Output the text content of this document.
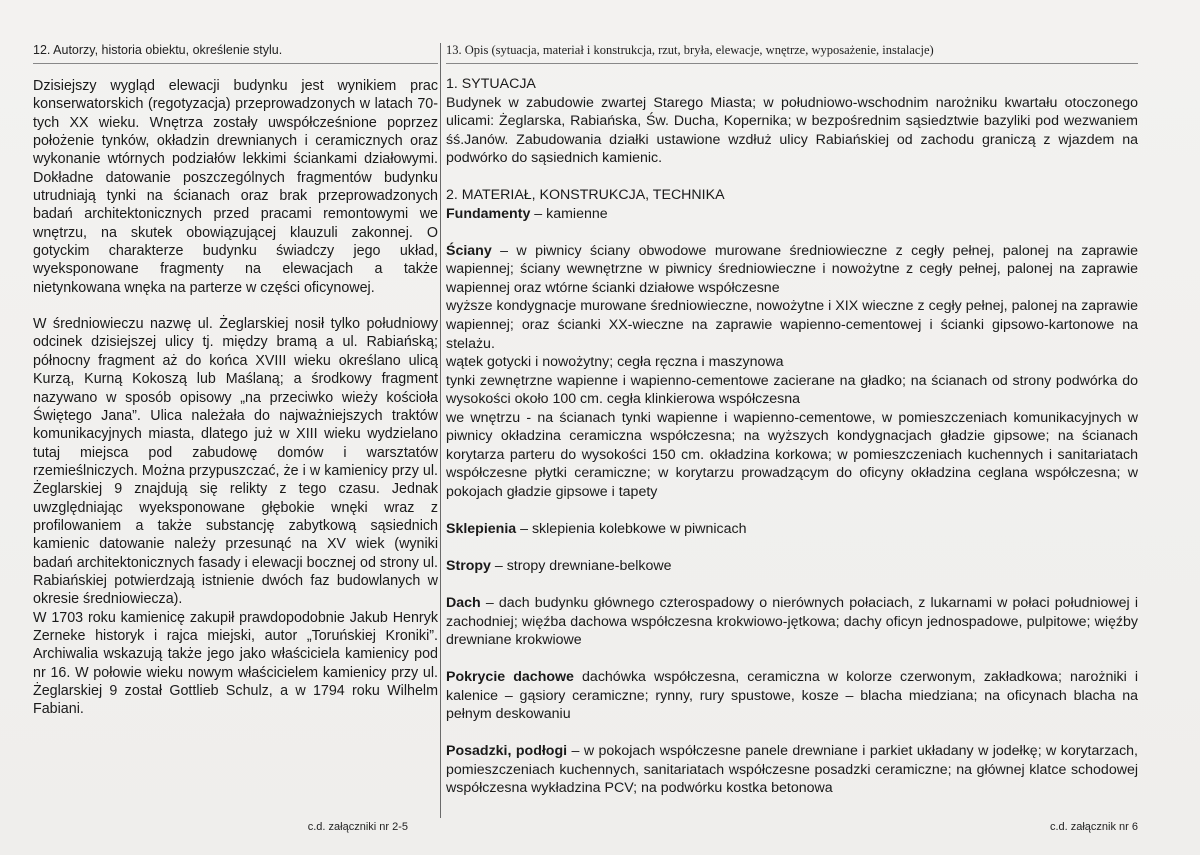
12. Autorzy, historia obiektu, określenie stylu.

Dzisiejszy wygląd elewacji budynku jest wynikiem prac konserwatorskich (regotyzacja) przeprowadzonych w latach 70-tych XX wieku. Wnętrza zostały uwspółcześnione poprzez położenie tynków, okładzin drewnianych i ceramicznych oraz wykonanie wtórnych podziałów lekkimi ściankami działowymi. Dokładne datowanie poszczególnych fragmentów budynku utrudniają tynki na ścianach oraz brak przeprowadzonych badań architektonicznych przed pracami remontowymi we wnętrzu, na skutek obowiązującej klauzuli zakonnej. O gotyckim charakterze budynku świadczy jego układ, wyeksponowane fragmenty na elewacjach a także nietynkowana wnęka na parterze w części oficynowej.

W średniowieczu nazwę ul. Żeglarskiej nosił tylko południowy odcinek dzisiejszej ulicy tj. między bramą a ul. Rabiańską; północny fragment aż do końca XVIII wieku określano ulicą Kurzą, Kurną Kokoszą lub Maślaną; a środkowy fragment nazywano w sposób opisowy „na przeciwko wieży kościoła Świętego Jana”. Ulica należała do najważniejszych traktów komunikacyjnych miasta, dlatego już w XIII wieku wydzielano tutaj miejsca pod zabudowę domów i warsztatów rzemieślniczych. Można przypuszczać, że i w kamienicy przy ul. Żeglarskiej 9 znajdują się relikty z tego czasu. Jednak uwzględniając wyeksponowane głębokie wnęki wraz z profilowaniem a także substancję zabytkową sąsiednich kamienic datowanie należy przesunąć na XV wiek (wyniki badań architektonicznych fasady i elewacji bocznej od strony ul. Rabiańskiej potwierdzają istnienie dwóch faz budowlanych w okresie średniowiecza).

W 1703 roku kamienicę zakupił prawdopodobnie Jakub Henryk Zerneke historyk i rajca miejski, autor „Toruńskiej Kroniki”. Archiwalia wskazują także jego jako właściciela kamienicy pod nr 16. W połowie wieku nowym właścicielem kamienicy przy ul. Żeglarskiej 9 został Gottlieb Schulz, a w 1794 roku Wilhelm Fabiani.

c.d. załączniki nr 2-5
13. Opis (sytuacja, materiał i konstrukcja, rzut, bryła, elewacje, wnętrze, wyposażenie, instalacje)

1. SYTUACJA

Budynek w zabudowie zwartej Starego Miasta; w południowo-wschodnim narożniku kwartału otoczonego ulicami: Żeglarska, Rabiańska, Św. Ducha, Kopernika; w bezpośrednim sąsiedztwie bazyliki pod wezwaniem śś.Janów. Zabudowania działki ustawione wzdłuż ulicy Rabiańskiej od zachodu graniczą z wjazdem na podwórko do sąsiednich kamienic.

2. MATERIAŁ, KONSTRUKCJA, TECHNIKA

Fundamenty – kamienne

Ściany – w piwnicy ściany obwodowe murowane średniowieczne z cegły pełnej, palonej na zaprawie wapiennej; ściany wewnętrzne w piwnicy średniowieczne i nowożytne z cegły pełnej, palonej na zaprawie wapiennej oraz wtórne ścianki działowe współczesne

wyższe kondygnacje murowane średniowieczne, nowożytne i XIX wieczne z cegły pełnej, palonej na zaprawie wapiennej; oraz ścianki XX-wieczne na zaprawie wapienno-cementowej i ścianki gipsowo-kartonowe na stelażu.

wątek gotycki i nowożytny; cegła ręczna i maszynowa

tynki zewnętrzne wapienne i wapienno-cementowe zacierane na gładko; na ścianach od strony podwórka do wysokości około 100 cm. cegła klinkierowa współczesna

we wnętrzu - na ścianach tynki wapienne i wapienno-cementowe, w pomieszczeniach komunikacyjnych w piwnicy okładzina ceramiczna współczesna; na wyższych kondygnacjach gładzie gipsowe; na ścianach korytarza parteru do wysokości 150 cm. okładzina korkowa; w pomieszczeniach kuchennych i sanitariatach współczesne płytki ceramiczne; w korytarzu prowadzącym do oficyny okładzina ceglana współczesna; w pokojach gładzie gipsowe i tapety

Sklepienia – sklepienia kolebkowe w piwnicach

Stropy – stropy drewniane-belkowe

Dach – dach budynku głównego czterospadowy o nierównych połaciach, z lukarnami w połaci południowej i zachodniej; więźba dachowa współczesna krokwiowo-jętkowa; dachy oficyn jednospadowe, pulpitowe; więźby drewniane krokwiowe

Pokrycie dachowe dachówka współczesna, ceramiczna w kolorze czerwonym, zakładkowa; narożniki i kalenice – gąsiory ceramiczne; rynny, rury spustowe, kosze – blacha miedziana; na oficynach blacha na pełnym deskowaniu

Posadzki, podłogi – w pokojach współczesne panele drewniane i parkiet układany w jodełkę; w korytarzach, pomieszczeniach kuchennych, sanitariatach współczesne posadzki ceramiczne; na głównej klatce schodowej współczesna wykładzina PCV; na podwórku kostka betonowa

c.d. załącznik nr 6
